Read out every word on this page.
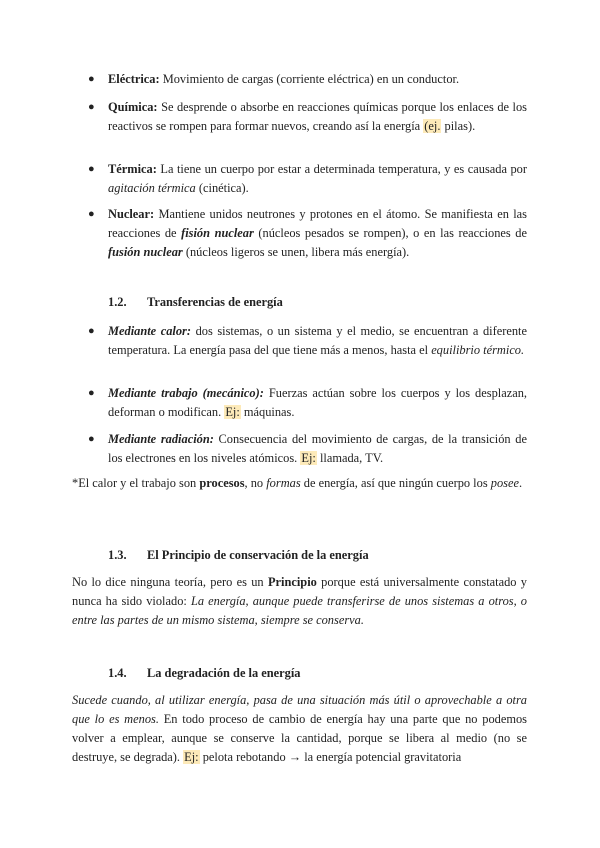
● Eléctrica: Movimiento de cargas (corriente eléctrica) en un conductor.

● Química: Se desprende o absorbe en reacciones químicas porque los enlaces de los reactivos se rompen para formar nuevos, creando así la energía (ej. pilas).

● Térmica: La tiene un cuerpo por estar a determinada temperatura, y es causada por agitación térmica (cinética).

● Nuclear: Mantiene unidos neutrones y protones en el átomo. Se manifiesta en las reacciones de fisión nuclear (núcleos pesados se rompen), o en las reacciones de fusión nuclear (núcleos ligeros se unen, libera más energía).

1.2. Transferencias de energía
● Mediante calor: dos sistemas, o un sistema y el medio, se encuentran a diferente temperatura. La energía pasa del que tiene más a menos, hasta el equilibrio térmico.

● Mediante trabajo (mecánico): Fuerzas actúan sobre los cuerpos y los desplazan, deforman o modifican. Ej: máquinas.

● Mediante radiación: Consecuencia del movimiento de cargas, de la transición de los electrones en los niveles atómicos. Ej: llamada, TV.

*El calor y el trabajo son procesos, no formas de energía, así que ningún cuerpo los posee.

1.3. El Principio de conservación de la energía

No lo dice ninguna teoría, pero es un Principio porque está universalmente constatado y nunca ha sido violado: La energía, aunque puede transferirse de unos sistemas a otros, o entre las partes de un mismo sistema, siempre se conserva.

1.4. La degradación de la energía

Sucede cuando, al utilizar energía, pasa de una situación más útil o aprovechable a otra que lo es menos. En todo proceso de cambio de energía hay una parte que no podemos volver a emplear, aunque se conserve la cantidad, porque se libera al medio (no se destruye, se degrada). Ej: pelota rebotando → la energía potencial gravitatoria
